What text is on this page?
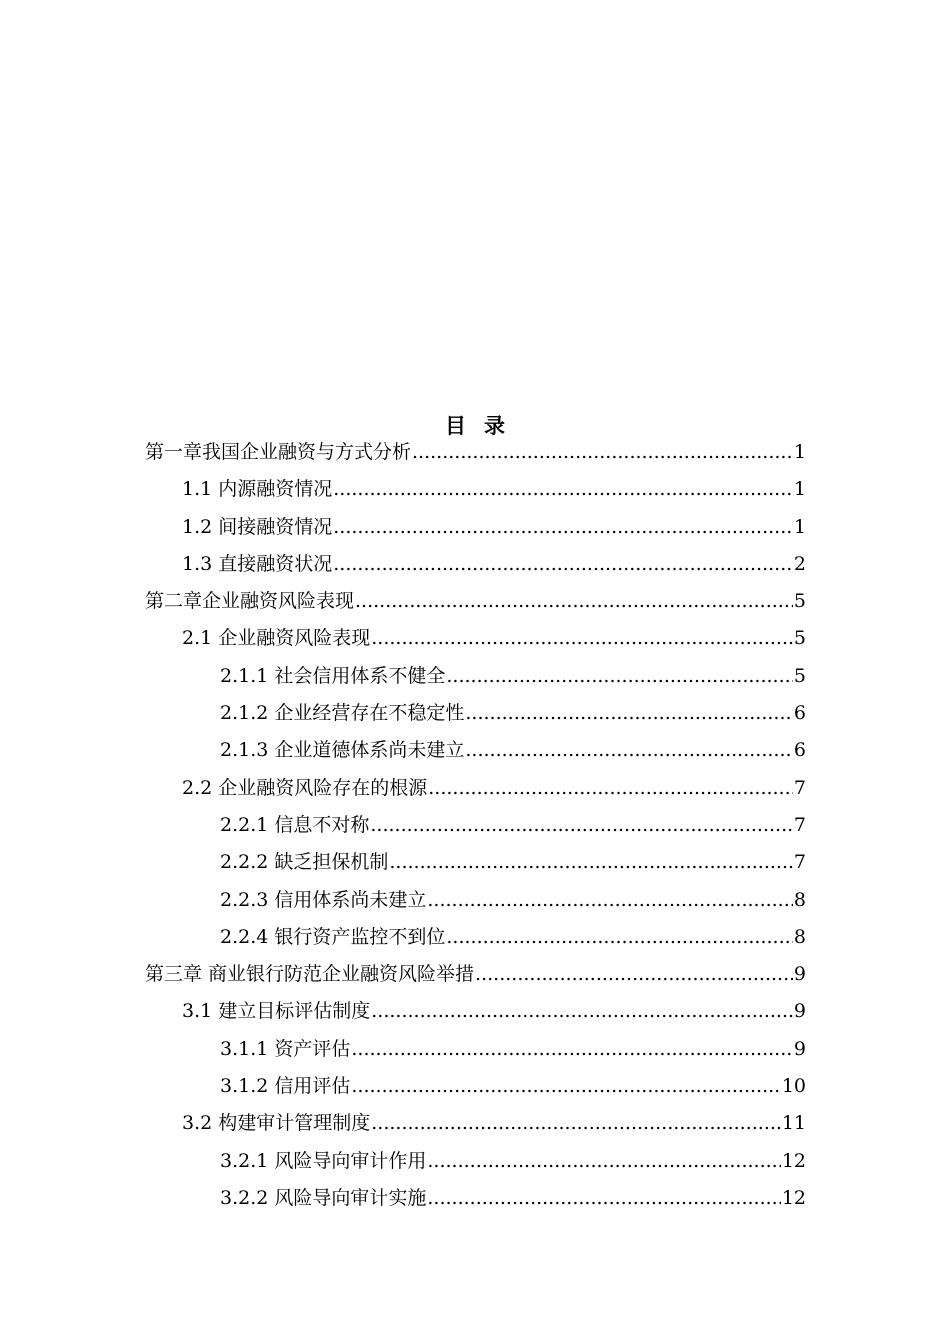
目录
第一章我国企业融资与方式分析 .....	1
1.1 内源融资情况 .....	1
1.2 间接融资情况 .....	1
1.3 直接融资状况 .....	2
第二章企业融资风险表现 .....	5
2.1 企业融资风险表现 .....	5
2.1.1 社会信用体系不健全 .....	5
2.1.2 企业经营存在不稳定性 .....	6
2.1.3 企业道德体系尚未建立 .....	6
2.2 企业融资风险存在的根源 .....	7
2.2.1 信息不对称 .....	7
2.2.2 缺乏担保机制 .....	7
2.2.3 信用体系尚未建立 .....	8
2.2.4 银行资产监控不到位 .....	8
第三章 商业银行防范企业融资风险举措 .....	9
3.1 建立目标评估制度 .....	9
3.1.1 资产评估 .....	9
3.1.2 信用评估 .....	10
3.2 构建审计管理制度 .....	11
3.2.1 风险导向审计作用 .....	12
3.2.2 风险导向审计实施 .....	12
